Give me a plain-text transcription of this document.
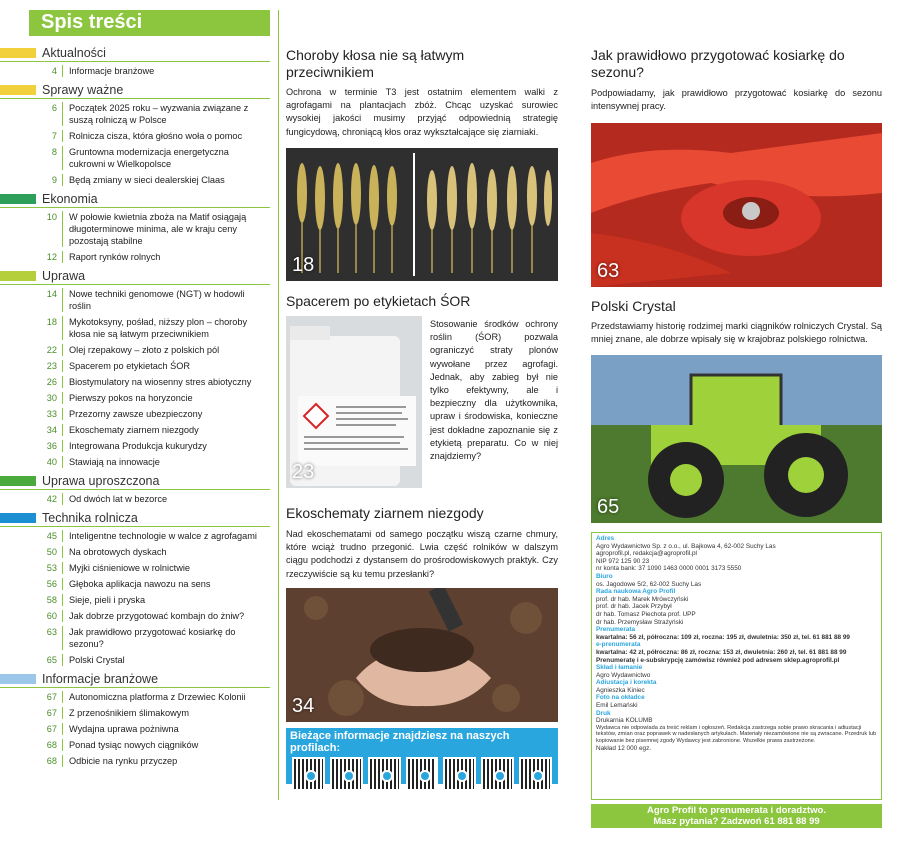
Spis treści
Aktualności
4	Informacje branżowe
Sprawy ważne
6	Początek 2025 roku – wyzwania związane z suszą rolniczą w Polsce
7	Rolnicza cisza, która głośno woła o pomoc
8	Gruntowna modernizacja energetyczna cukrowni w Wielkopolsce
9	Będą zmiany w sieci dealerskiej Claas
Ekonomia
10	W połowie kwietnia zboża na Matif osiągają długoterminowe minima, ale w kraju ceny pozostają stabilne
12	Raport rynków rolnych
Uprawa
14	Nowe techniki genomowe (NGT) w hodowli roślin
18	Mykotoksyny, pośład, niższy plon – choroby kłosa nie są łatwym przeciwnikiem
22	Olej rzepakowy – złoto z polskich pól
23	Spacerem po etykietach ŚOR
26	Biostymulatory na wiosenny stres abiotyczny
30	Pierwszy pokos na horyzoncie
33	Przezorny zawsze ubezpieczony
34	Ekoschematy ziarnem niezgody
36	Integrowana Produkcja kukurydzy
40	Stawiają na innowacje
Uprawa uproszczona
42	Od dwóch lat w bezorce
Technika rolnicza
45	Inteligentne technologie w walce z agrofagami
50	Na obrotowych dyskach
53	Myjki ciśnieniowe w rolnictwie
56	Głęboka aplikacja nawozu na sens
58	Sieje, pieli i pryska
60	Jak dobrze przygotować kombajn do żniw?
63	Jak prawidłowo przygotować kosiarkę do sezonu?
65	Polski Crystal
Informacje branżowe
67	Autonomiczna platforma z Drzewiec Kolonii
67	Z przenośnikiem ślimakowym
67	Wydajna uprawa pożniwna
68	Ponad tysiąc nowych ciągników
68	Odbicie na rynku przyczep
Choroby kłosa nie są łatwym przeciwnikiem
Ochrona w terminie T3 jest ostatnim elementem walki z agrofagami na plantacjach zbóż. Chcąc uzyskać surowiec wysokiej jakości musimy przyjąć odpowiednią strategię fungicydową, chroniącą kłos oraz wykształcające się ziarniaki.
18
Spacerem po etykietach ŚOR
23
Stosowanie środków ochrony roślin (ŚOR) pozwala ograniczyć straty plonów wywołane przez agrofagi. Jednak, aby zabieg był nie tylko efektywny, ale i bezpieczny dla użytkownika, upraw i środowiska, konieczne jest dokładne zapoznanie się z etykietą preparatu. Co w niej znajdziemy?
Ekoschematy ziarnem niezgody
Nad ekoschematami od samego początku wiszą czarne chmury, które wciąż trudno przegonić. Lwia część rolników w dalszym ciągu podchodzi z dystansem do prośrodowiskowych praktyk. Czy rzeczywiście są ku temu przesłanki?
34
Bieżące informacje znajdziesz na naszych profilach:
Jak prawidłowo przygotować kosiarkę do sezonu?
Podpowiadamy, jak prawidłowo przygotować kosiarkę do sezonu intensywnej pracy.
63
Polski Crystal
Przedstawiamy historię rodzimej marki ciągników rolniczych Crystal. Są mniej znane, ale dobrze wpisały się w krajobraz polskiego rolnictwa.
65
Adres
Agro Wydawnictwo Sp. z o.o., ul. Bajkowa 4, 62-002 Suchy Las
agroprofil.pl, redakcja@agroprofil.pl
NIP 972 125 90 23
nr konta bank: 37 1090 1463 0000 0001 3173 5550
Biuro
os. Jagodowe 5/2, 62-002 Suchy Las
Rada naukowa Agro Profil
prof. dr hab. Marek Mrówczyński
prof. dr hab. Jacek Przybył
dr hab. Tomasz Piechota prof. UPP
dr hab. Przemysław Strażyński
Prenumerata
kwartalna: 56 zł, półroczna: 109 zł, roczna: 195 zł, dwuletnia: 350 zł, tel. 61 881 88 99
e-prenumerata
kwartalna: 42 zł, półroczna: 86 zł, roczna: 153 zł, dwuletnia: 260 zł, tel. 61 881 88 99
Prenumeratę i e-subskrypcję zamówisz również pod adresem sklep.agroprofil.pl
Skład i łamanie
Agro Wydawnictwo
Adiustacja i korekta
Agnieszka Kiniec
Foto na okładce
Emil Lemański
Druk
Drukarnia KOLUMB
Wydawca nie odpowiada za treść reklam i ogłoszeń. Redakcja zastrzega sobie prawo skracania i adiustacji tekstów, zmian oraz poprawek w nadesłanych artykułach. Materiały niezamówione nie są zwracane. Przedruk lub kopiowanie bez pisemnej zgody Wydawcy jest zabronione. Wszelkie prawa zastrzeżone.
Nakład 12 000 egz.
Agro Profil to prenumerata i doradztwo.
Masz pytania? Zadzwoń 61 881 88 99
